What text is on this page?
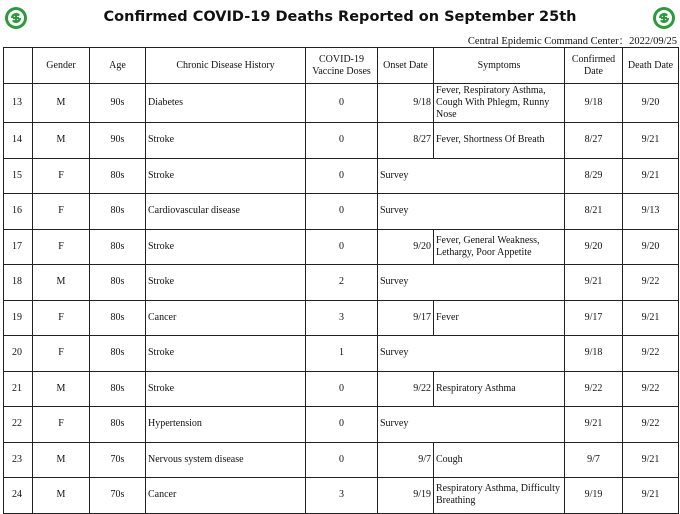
Confirmed COVID-19 Deaths Reported on September 25th
Central Epidemic Command Center：2022/09/25
	Gender	Age	Chronic Disease History	COVID-19 Vaccine Doses	Onset Date	Symptoms	Confirmed Date	Death Date
13	M	90s	Diabetes	0	9/18	Fever, Respiratory Asthma, Cough With Phlegm, Runny Nose	9/18	9/20
14	M	90s	Stroke	0	8/27	Fever, Shortness Of Breath	8/27	9/21
15	F	80s	Stroke	0	Survey		8/29	9/21
16	F	80s	Cardiovascular disease	0	Survey		8/21	9/13
17	F	80s	Stroke	0	9/20	Fever, General Weakness, Lethargy, Poor Appetite	9/20	9/20
18	M	80s	Stroke	2	Survey		9/21	9/22
19	F	80s	Cancer	3	9/17	Fever	9/17	9/21
20	F	80s	Stroke	1	Survey		9/18	9/22
21	M	80s	Stroke	0	9/22	Respiratory Asthma	9/22	9/22
22	F	80s	Hypertension	0	Survey		9/21	9/22
23	M	70s	Nervous system disease	0	9/7	Cough	9/7	9/21
24	M	70s	Cancer	3	9/19	Respiratory Asthma, Difficulty Breathing	9/19	9/21
